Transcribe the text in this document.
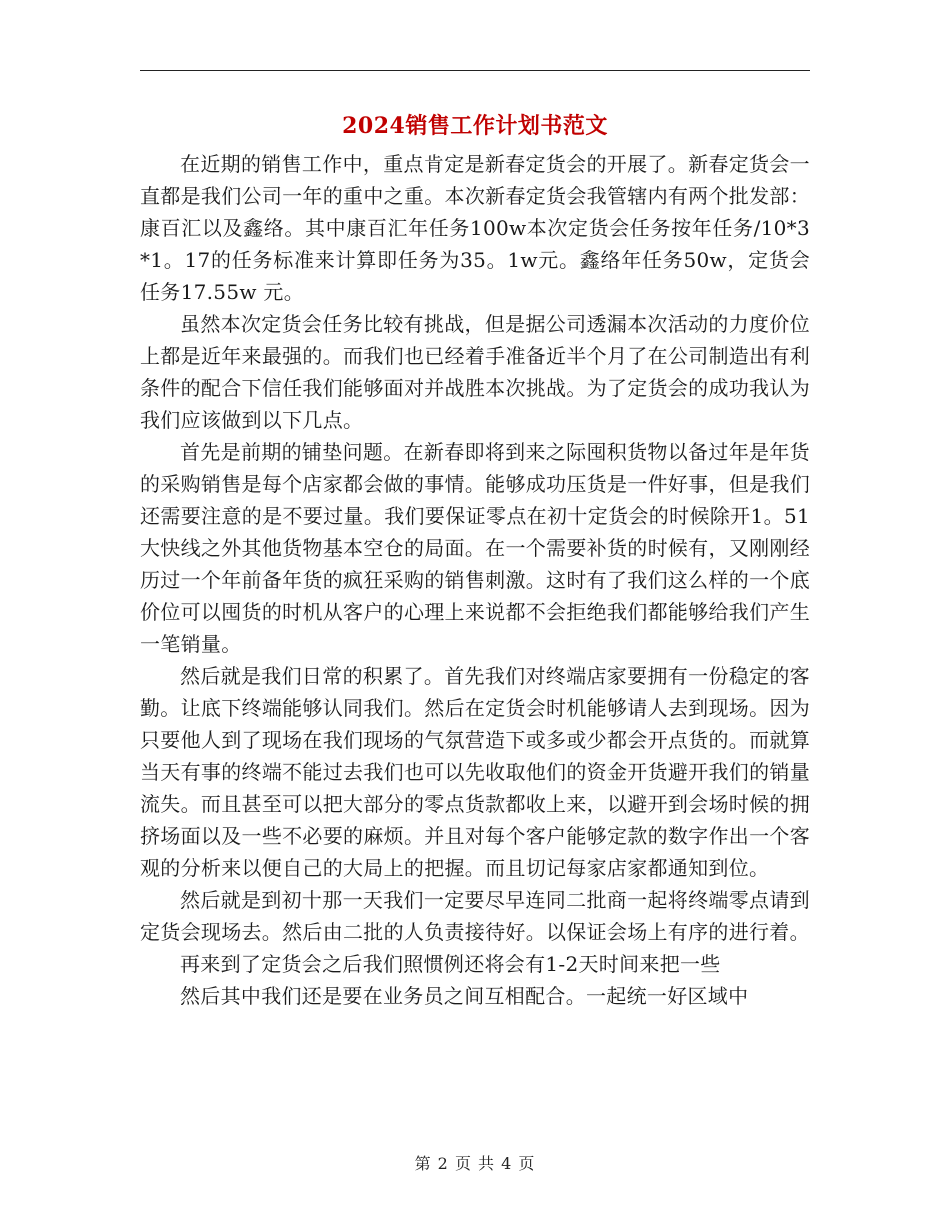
2024销售工作计划书范文

在近期的销售工作中，重点肯定是新春定货会的开展了。新春定货会一直都是我们公司一年的重中之重。本次新春定货会我管辖内有两个批发部：康百汇以及鑫络。其中康百汇年任务100w本次定货会任务按年任务/10*3*1。17的任务标准来计算即任务为35。1w元。鑫络年任务50w，定货会任务17.55w 元。

虽然本次定货会任务比较有挑战，但是据公司透漏本次活动的力度价位上都是近年来最强的。而我们也已经着手准备近半个月了在公司制造出有利条件的配合下信任我们能够面对并战胜本次挑战。为了定货会的成功我认为我们应该做到以下几点。

首先是前期的铺垫问题。在新春即将到来之际囤积货物以备过年是年货的采购销售是每个店家都会做的事情。能够成功压货是一件好事，但是我们还需要注意的是不要过量。我们要保证零点在初十定货会的时候除开1。51大快线之外其他货物基本空仓的局面。在一个需要补货的时候有，又刚刚经历过一个年前备年货的疯狂采购的销售刺激。这时有了我们这么样的一个底价位可以囤货的时机从客户的心理上来说都不会拒绝我们都能够给我们产生一笔销量。

然后就是我们日常的积累了。首先我们对终端店家要拥有一份稳定的客勤。让底下终端能够认同我们。然后在定货会时机能够请人去到现场。因为只要他人到了现场在我们现场的气氛营造下或多或少都会开点货的。而就算当天有事的终端不能过去我们也可以先收取他们的资金开货避开我们的销量流失。而且甚至可以把大部分的零点货款都收上来，以避开到会场时候的拥挤场面以及一些不必要的麻烦。并且对每个客户能够定款的数字作出一个客观的分析来以便自己的大局上的把握。而且切记每家店家都通知到位。

然后就是到初十那一天我们一定要尽早连同二批商一起将终端零点请到定货会现场去。然后由二批的人负责接待好。以保证会场上有序的进行着。

再来到了定货会之后我们照惯例还将会有1-2天时间来把一些

然后其中我们还是要在业务员之间互相配合。一起统一好区域中

第 2 页 共 4 页
